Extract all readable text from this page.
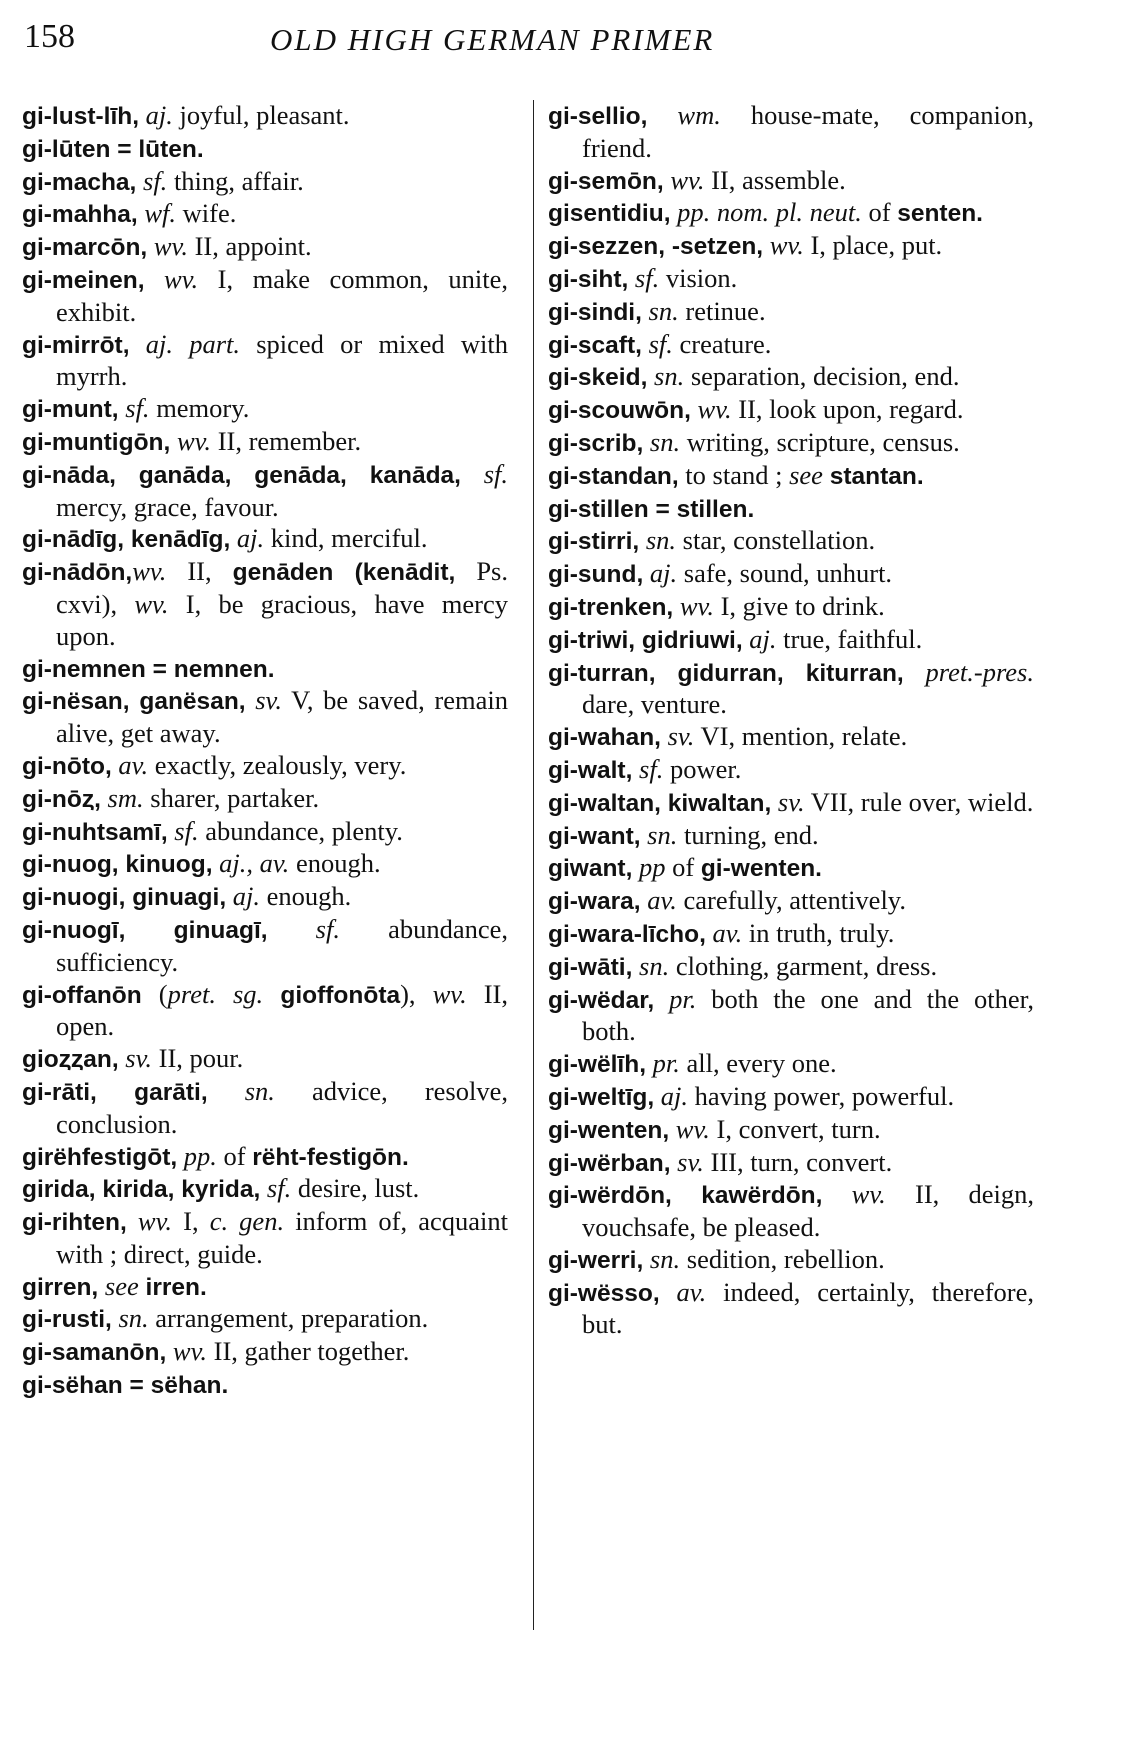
158	OLD HIGH GERMAN PRIMER

gi-lust-līh, aj. joyful, pleasant.

gi-lūten = lūten.

gi-macha, sf. thing, affair.

gi-mahha, wf. wife.

gi-marcōn, wv. II, appoint.

gi-meinen, wv. I, make common, unite, exhibit.

gi-mirrōt, aj. part. spiced or mixed with myrrh.

gi-munt, sf. memory.

gi-muntigōn, wv. II, remember.

gi-nāda, ganāda, genāda, kanāda, sf. mercy, grace, favour.

gi-nādīg, kenādīg, aj. kind, merciful.

gi-nādōn,wv. II, genāden (kenādit, Ps. cxvi), wv. I, be gracious, have mercy upon.

gi-nemnen = nemnen.

gi-nësan, ganësan, sv. V, be saved, remain alive, get away.

gi-nōto, av. exactly, zealously, very.

gi-nōȥ, sm. sharer, partaker.

gi-nuhtsamī, sf. abundance, plenty.

gi-nuog, kinuog, aj., av. enough.

gi-nuogi, ginuagi, aj. enough.

gi-nuogī, ginuagī, sf. abundance, sufficiency.

gi-offanōn (pret. sg. gioffonōta), wv. II, open.

gioȥȥan, sv. II, pour.

gi-rāti, garāti, sn. advice, resolve, conclusion.

girëhfestigōt, pp. of rëht-festigōn.

girida, kirida, kyrida, sf. desire, lust.

gi-rihten, wv. I, c. gen. inform of, acquaint with ; direct, guide.

girren, see irren.

gi-rusti, sn. arrangement, preparation.

gi-samanōn, wv. II, gather together.

gi-sëhan = sëhan.

gi-sellio, wm. house-mate, companion, friend.

gi-semōn, wv. II, assemble.

gisentidiu, pp. nom. pl. neut. of senten.

gi-sezzen, -setzen, wv. I, place, put.

gi-siht, sf. vision.

gi-sindi, sn. retinue.

gi-scaft, sf. creature.

gi-skeid, sn. separation, decision, end.

gi-scouwōn, wv. II, look upon, regard.

gi-scrib, sn. writing, scripture, census.

gi-standan, to stand ; see stantan.

gi-stillen = stillen.

gi-stirri, sn. star, constellation.

gi-sund, aj. safe, sound, unhurt.

gi-trenken, wv. I, give to drink.

gi-triwi, gidriuwi, aj. true, faithful.

gi-turran, gidurran, kiturran, pret.-pres. dare, venture.

gi-wahan, sv. VI, mention, relate.

gi-walt, sf. power.

gi-waltan, kiwaltan, sv. VII, rule over, wield.

gi-want, sn. turning, end.

giwant, pp of gi-wenten.

gi-wara, av. carefully, attentively.

gi-wara-līcho, av. in truth, truly.

gi-wāti, sn. clothing, garment, dress.

gi-wëdar, pr. both the one and the other, both.

gi-wëlīh, pr. all, every one.

gi-weltīg, aj. having power, powerful.

gi-wenten, wv. I, convert, turn.

gi-wërban, sv. III, turn, convert.

gi-wërdōn, kawërdōn, wv. II, deign, vouchsafe, be pleased.

gi-werri, sn. sedition, rebellion.

gi-wësso, av. indeed, certainly, therefore, but.
